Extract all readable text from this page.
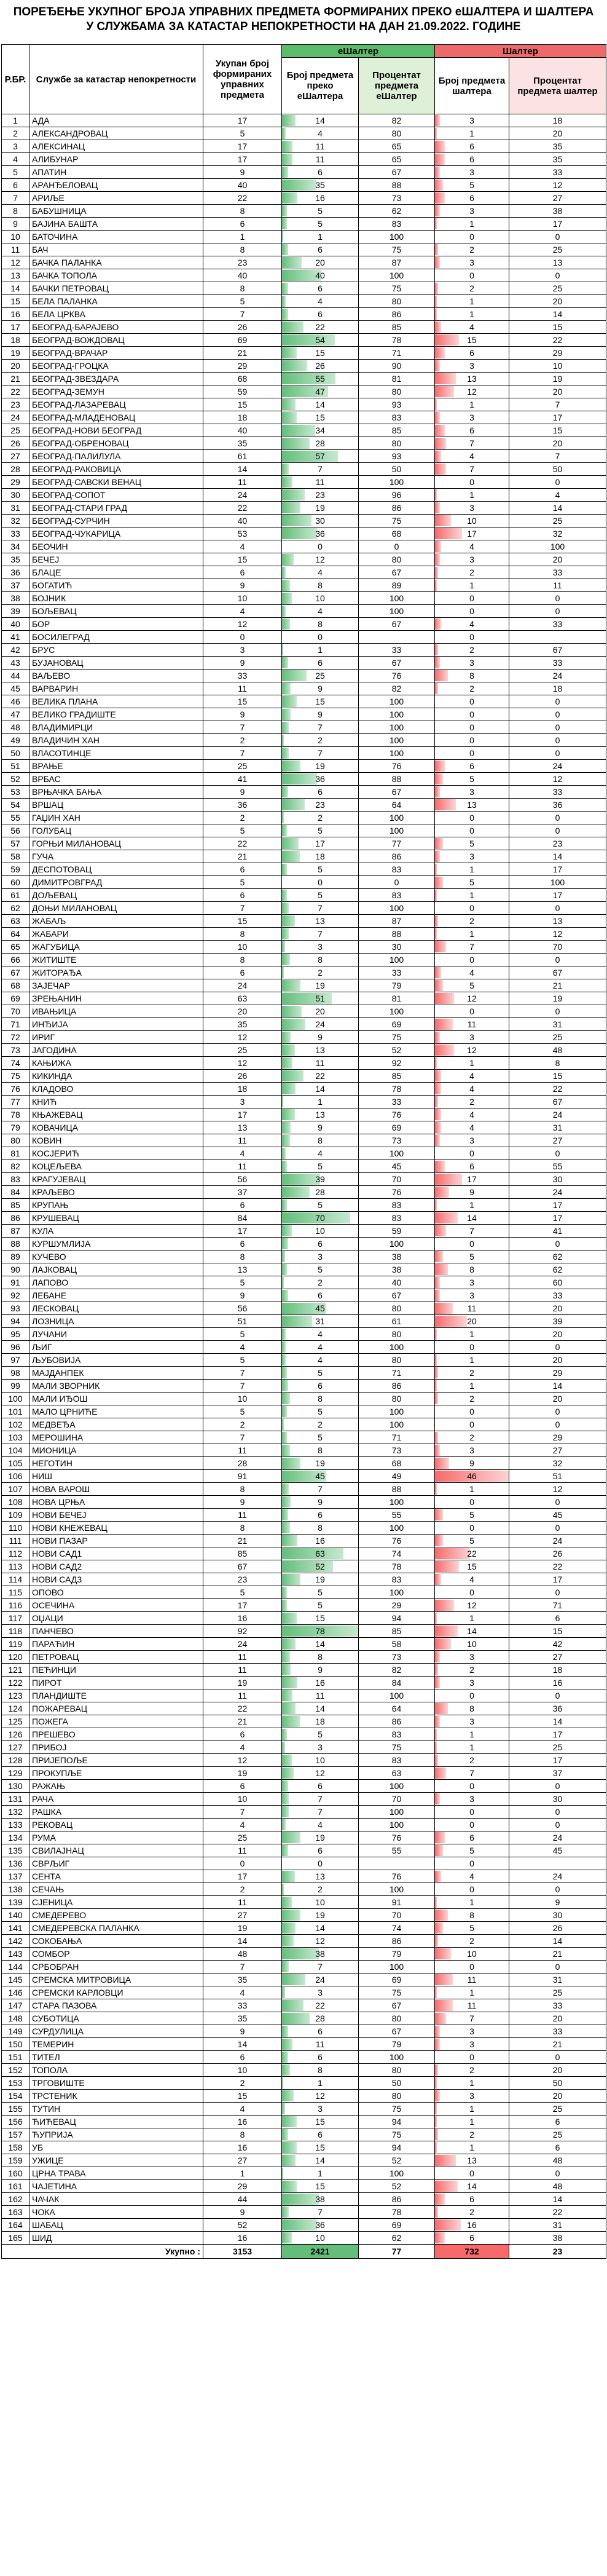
ПОРЕЂЕЊЕ УКУПНОГ БРОЈА УПРАВНИХ ПРЕДМЕТА ФОРМИРАНИХ ПРЕКО еШАЛТЕРА И ШАЛТЕРА У СЛУЖБАМА ЗА КАТАСТАР НЕПОКРЕТНОСТИ НА ДАН 21.09.2022. ГОДИНЕ
Р.БР.	Службе за катастар непокретности	Укупан број формираних управних предмета	еШалтер		Шалтер	
			Број предмета преко еШалтера	Процентат предмета еШалтер	Број предмета шалтера	Процентат предмета шалтер
1	АДА	17	14	82	3	18
2	АЛЕКСАНДРОВАЦ	5	4	80	1	20
3	АЛЕКСИНАЦ	17	11	65	6	35
4	АЛИБУНАР	17	11	65	6	35
5	АПАТИН	9	6	67	3	33
6	АРАНЂЕЛОВАЦ	40	35	88	5	12
7	АРИЉЕ	22	16	73	6	27
8	БАБУШНИЦА	8	5	62	3	38
9	БАЈИНА БАШТА	6	5	83	1	17
10	БАТОЧИНА	1	1	100	0	0
11	БАЧ	8	6	75	2	25
12	БАЧКА ПАЛАНКА	23	20	87	3	13
13	БАЧКА ТОПОЛА	40	40	100	0	0
14	БАЧКИ ПЕТРОВАЦ	8	6	75	2	25
15	БЕЛА ПАЛАНКА	5	4	80	1	20
16	БЕЛА ЦРКВА	7	6	86	1	14
17	БЕОГРАД-БАРАЈЕВО	26	22	85	4	15
18	БЕОГРАД-ВОЖДОВАЦ	69	54	78	15	22
19	БЕОГРАД-ВРАЧАР	21	15	71	6	29
20	БЕОГРАД-ГРОЦКА	29	26	90	3	10
21	БЕОГРАД-ЗВЕЗДАРА	68	55	81	13	19
22	БЕОГРАД-ЗЕМУН	59	47	80	12	20
23	БЕОГРАД-ЛАЗАРЕВАЦ	15	14	93	1	7
24	БЕОГРАД-МЛАДЕНОВАЦ	18	15	83	3	17
25	БЕОГРАД-НОВИ БЕОГРАД	40	34	85	6	15
26	БЕОГРАД-ОБРЕНОВАЦ	35	28	80	7	20
27	БЕОГРАД-ПАЛИЛУЛА	61	57	93	4	7
28	БЕОГРАД-РАКОВИЦА	14	7	50	7	50
29	БЕОГРАД-САВСКИ ВЕНАЦ	11	11	100	0	0
30	БЕОГРАД-СОПОТ	24	23	96	1	4
31	БЕОГРАД-СТАРИ ГРАД	22	19	86	3	14
32	БЕОГРАД-СУРЧИН	40	30	75	10	25
33	БЕОГРАД-ЧУКАРИЦА	53	36	68	17	32
34	БЕОЧИН	4	0	0	4	100
35	БЕЧЕЈ	15	12	80	3	20
36	БЛАЦЕ	6	4	67	2	33
37	БОГАТИЋ	9	8	89	1	11
38	БОЈНИК	10	10	100	0	0
39	БОЉЕВАЦ	4	4	100	0	0
40	БОР	12	8	67	4	33
41	БОСИЛЕГРАД	0	0		0	
42	БРУС	3	1	33	2	67
43	БУЈАНОВАЦ	9	6	67	3	33
44	ВАЉЕВО	33	25	76	8	24
45	ВАРВАРИН	11	9	82	2	18
46	ВЕЛИКА ПЛАНА	15	15	100	0	0
47	ВЕЛИКО ГРАДИШТЕ	9	9	100	0	0
48	ВЛАДИМИРЦИ	7	7	100	0	0
49	ВЛАДИЧИН ХАН	2	2	100	0	0
50	ВЛАСОТИНЦЕ	7	7	100	0	0
51	ВРАЊЕ	25	19	76	6	24
52	ВРБАС	41	36	88	5	12
53	ВРЊАЧКА БАЊА	9	6	67	3	33
54	ВРШАЦ	36	23	64	13	36
55	ГАЏИН ХАН	2	2	100	0	0
56	ГОЛУБАЦ	5	5	100	0	0
57	ГОРЊИ МИЛАНОВАЦ	22	17	77	5	23
58	ГУЧА	21	18	86	3	14
59	ДЕСПОТОВАЦ	6	5	83	1	17
60	ДИМИТРОВГРАД	5	0	0	5	100
61	ДОЉЕВАЦ	6	5	83	1	17
62	ДОЊИ МИЛАНОВАЦ	7	7	100	0	0
63	ЖАБАЉ	15	13	87	2	13
64	ЖАБАРИ	8	7	88	1	12
65	ЖАГУБИЦА	10	3	30	7	70
66	ЖИТИШТЕ	8	8	100	0	0
67	ЖИТОРАЂА	6	2	33	4	67
68	ЗАЈЕЧАР	24	19	79	5	21
69	ЗРЕЊАНИН	63	51	81	12	19
70	ИВАЊИЦА	20	20	100	0	0
71	ИНЂИЈА	35	24	69	11	31
72	ИРИГ	12	9	75	3	25
73	ЈАГОДИНА	25	13	52	12	48
74	КАЊИЖА	12	11	92	1	8
75	КИКИНДА	26	22	85	4	15
76	КЛАДОВО	18	14	78	4	22
77	КНИЋ	3	1	33	2	67
78	КЊАЖЕВАЦ	17	13	76	4	24
79	КОВАЧИЦА	13	9	69	4	31
80	КОВИН	11	8	73	3	27
81	КОСЈЕРИЋ	4	4	100	0	0
82	КОЦЕЉЕВА	11	5	45	6	55
83	КРАГУЈЕВАЦ	56	39	70	17	30
84	КРАЉЕВО	37	28	76	9	24
85	КРУПАЊ	6	5	83	1	17
86	КРУШЕВАЦ	84	70	83	14	17
87	КУЛА	17	10	59	7	41
88	КУРШУМЛИЈА	6	6	100	0	0
89	КУЧЕВО	8	3	38	5	62
90	ЛАЈКОВАЦ	13	5	38	8	62
91	ЛАПОВО	5	2	40	3	60
92	ЛЕБАНЕ	9	6	67	3	33
93	ЛЕСКОВАЦ	56	45	80	11	20
94	ЛОЗНИЦА	51	31	61	20	39
95	ЛУЧАНИ	5	4	80	1	20
96	ЉИГ	4	4	100	0	0
97	ЉУБОВИЈА	5	4	80	1	20
98	МАЈДАНПЕК	7	5	71	2	29
99	МАЛИ ЗВОРНИК	7	6	86	1	14
100	МАЛИ ИЂОШ	10	8	80	2	20
101	МАЛО ЦРНИЋЕ	5	5	100	0	0
102	МЕДВЕЂА	2	2	100	0	0
103	МЕРОШИНА	7	5	71	2	29
104	МИОНИЦА	11	8	73	3	27
105	НЕГОТИН	28	19	68	9	32
106	НИШ	91	45	49	46	51
107	НОВА ВАРОШ	8	7	88	1	12
108	НОВА ЦРЊА	9	9	100	0	0
109	НОВИ БЕЧЕЈ	11	6	55	5	45
110	НОВИ КНЕЖЕВАЦ	8	8	100	0	0
111	НОВИ ПАЗАР	21	16	76	5	24
112	НОВИ САД1	85	63	74	22	26
113	НОВИ САД2	67	52	78	15	22
114	НОВИ САД3	23	19	83	4	17
115	ОПОВО	5	5	100	0	0
116	ОСЕЧИНА	17	5	29	12	71
117	ОЏАЦИ	16	15	94	1	6
118	ПАНЧЕВО	92	78	85	14	15
119	ПАРАЋИН	24	14	58	10	42
120	ПЕТРОВАЦ	11	8	73	3	27
121	ПЕЋИНЦИ	11	9	82	2	18
122	ПИРОТ	19	16	84	3	16
123	ПЛАНДИШТЕ	11	11	100	0	0
124	ПОЖАРЕВАЦ	22	14	64	8	36
125	ПОЖЕГА	21	18	86	3	14
126	ПРЕШЕВО	6	5	83	1	17
127	ПРИБОЈ	4	3	75	1	25
128	ПРИЈЕПОЉЕ	12	10	83	2	17
129	ПРОКУПЉЕ	19	12	63	7	37
130	РАЖАЊ	6	6	100	0	0
131	РАЧА	10	7	70	3	30
132	РАШКА	7	7	100	0	0
133	РЕКОВАЦ	4	4	100	0	0
134	РУМА	25	19	76	6	24
135	СВИЛАЈНАЦ	11	6	55	5	45
136	СВРЉИГ	0	0		0	
137	СЕНТА	17	13	76	4	24
138	СЕЧАЊ	2	2	100	0	0
139	СЈЕНИЦА	11	10	91	1	9
140	СМЕДЕРЕВО	27	19	70	8	30
141	СМЕДЕРЕВСКА ПАЛАНКА	19	14	74	5	26
142	СОКОБАЊА	14	12	86	2	14
143	СОМБОР	48	38	79	10	21
144	СРБОБРАН	7	7	100	0	0
145	СРЕМСКА МИТРОВИЦА	35	24	69	11	31
146	СРЕМСКИ КАРЛОВЦИ	4	3	75	1	25
147	СТАРА ПАЗОВА	33	22	67	11	33
148	СУБОТИЦА	35	28	80	7	20
149	СУРДУЛИЦА	9	6	67	3	33
150	ТЕМЕРИН	14	11	79	3	21
151	ТИТЕЛ	6	6	100	0	0
152	ТОПОЛА	10	8	80	2	20
153	ТРГОВИШТЕ	2	1	50	1	50
154	ТРСТЕНИК	15	12	80	3	20
155	ТУТИН	4	3	75	1	25
156	ЋИЋЕВАЦ	16	15	94	1	6
157	ЋУПРИЈА	8	6	75	2	25
158	УБ	16	15	94	1	6
159	УЖИЦЕ	27	14	52	13	48
160	ЦРНА ТРАВА	1	1	100	0	0
161	ЧАЈЕТИНА	29	15	52	14	48
162	ЧАЧАК	44	38	86	6	14
163	ЧОКА	9	7	78	2	22
164	ШАБАЦ	52	36	69	16	31
165	ШИД	16	10	62	6	38
Укупно :		3153	2421	77	732	23
